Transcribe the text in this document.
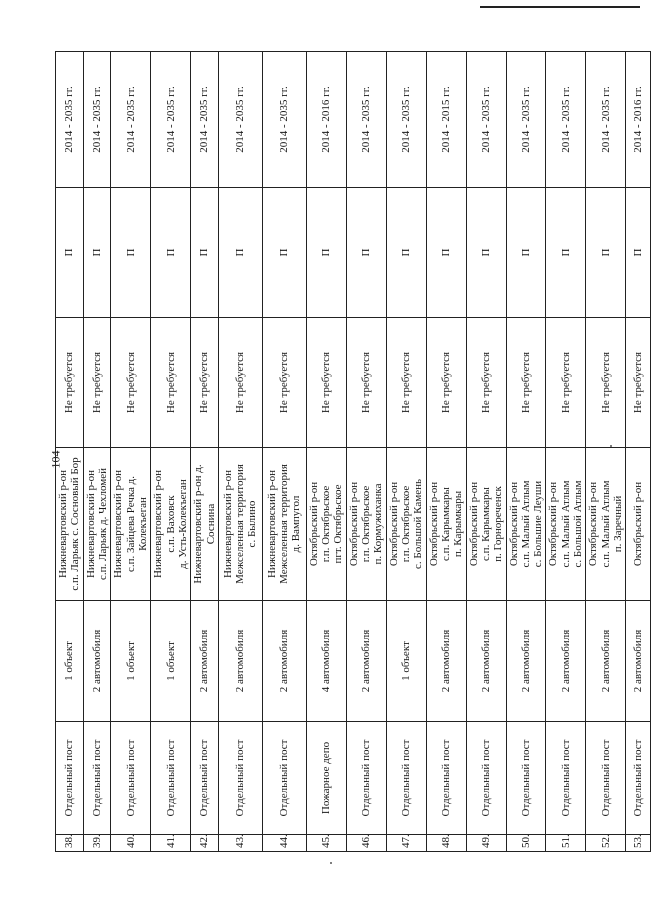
104
38.	Отдельный пост	1 объект	Нижневартовский р-он
с.п. Ларьяк с. Сосновый Бор	Не требуется	П	2014 - 2035 гг.
39.	Отдельный пост	2 автомобиля	Нижневартовский р-он
с.п. Ларьяк д. Чехломей	Не требуется	П	2014 - 2035 гг.
40.	Отдельный пост	1 объект	Нижневартовский р-он
с.п. Зайцева Речка д. Колекъеган	Не требуется	П	2014 - 2035 гг.
41.	Отдельный пост	1 объект	Нижневартовский р-он
с.п. Ваховск
д. Усть-Колекъеган	Не требуется	П	2014 - 2035 гг.
42.	Отдельный пост	2 автомобиля	Нижневартовский р-он д. Соснина	Не требуется	П	2014 - 2035 гг.
43.	Отдельный пост	2 автомобиля	Нижневартовский р-он
Межселенная территория
с. Былино	Не требуется	П	2014 - 2035 гг.
44.	Отдельный пост	2 автомобиля	Нижневартовский р-он
Межселенная территория
д. Вампугол	Не требуется	П	2014 - 2035 гг.
45.	Пожарное депо	4 автомобиля	Октябрьский р-он
г.п. Октябрьское
пгт. Октябрьское	Не требуется	П	2014 - 2016 гг.
46.	Отдельный пост	2 автомобиля	Октябрьский р-он
г.п. Октябрьское
п. Кормужиханка	Не требуется	П	2014 - 2035 гг.
47.	Отдельный пост	1 объект	Октябрьский р-он
г.п. Октябрьское
с. Большой Камень	Не требуется	П	2014 - 2035 гг.
48.	Отдельный пост	2 автомобиля	Октябрьский р-он
с.п. Карымкары
п. Карымкары	Не требуется	П	2014 - 2015 гг.
49.	Отдельный пост	2 автомобиля	Октябрьский р-он
с.п. Карымкары
п. Горнореченск	Не требуется	П	2014 - 2035 гг.
50.	Отдельный пост	2 автомобиля	Октябрьский р-он
с.п. Малый Атлым
с. Большие Леуши	Не требуется	П	2014 - 2035 гг.
51.	Отдельный пост	2 автомобиля	Октябрьский р-он
с.п. Малый Атлым
с. Большой Атлым	Не требуется	П	2014 - 2035 гг.
52.	Отдельный пост	2 автомобиля	Октябрьский р-он
с.п. Малый Атлым
п. Заречный	Не требуется	П	2014 - 2035 гг.
53.	Отдельный пост	2 автомобиля	Октябрьский р-он	Не требуется	П	2014 - 2016 гг.
